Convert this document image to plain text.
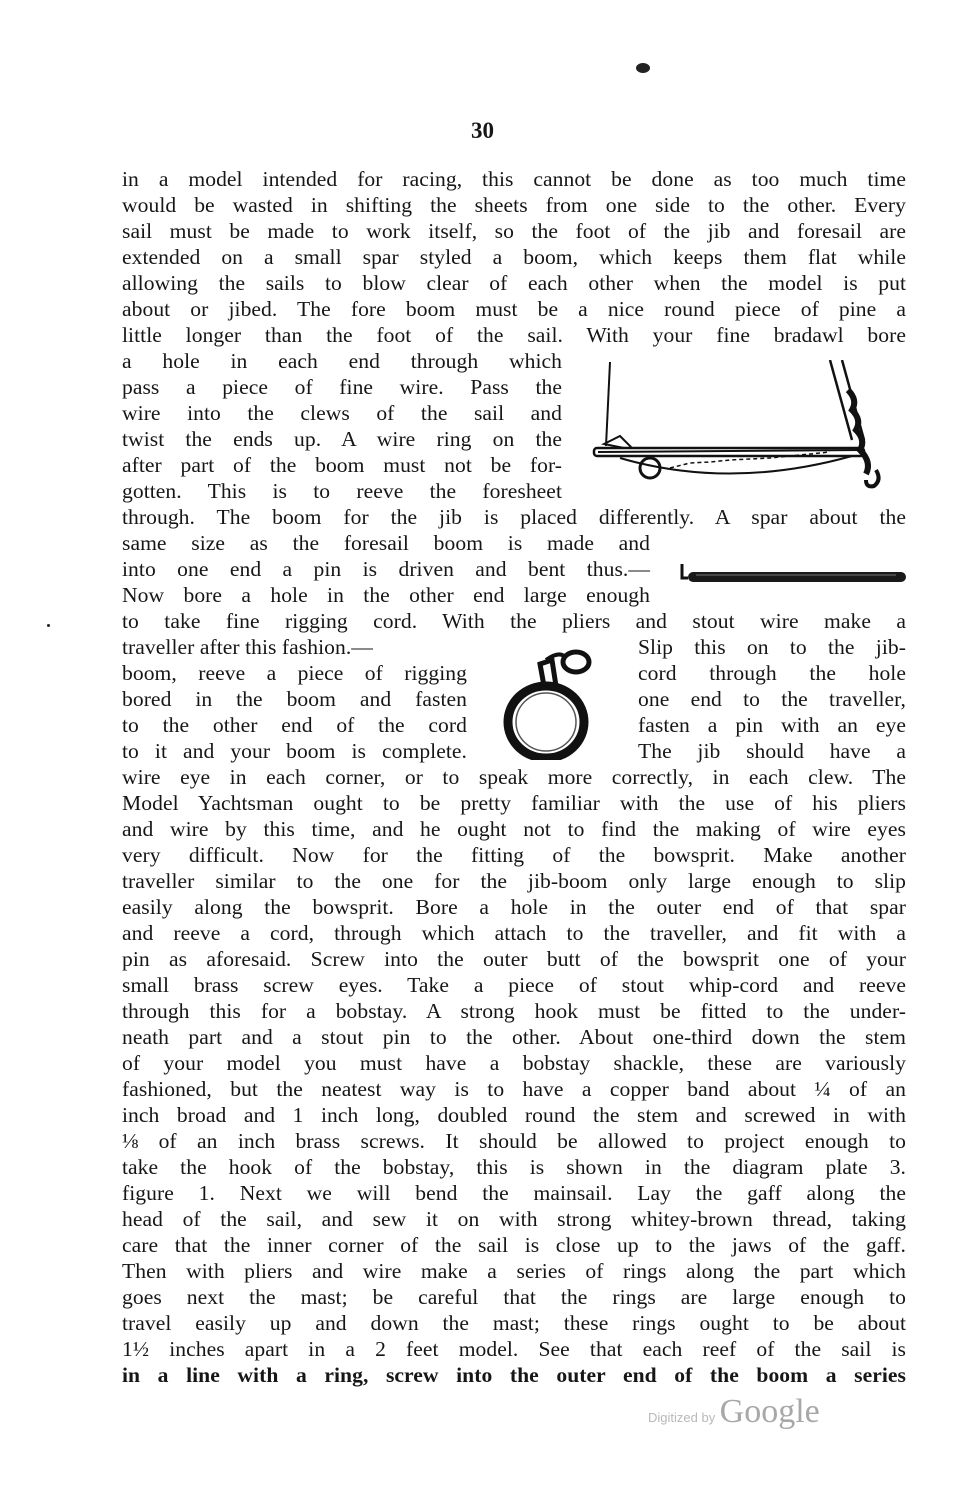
30
in a model intended for racing, this cannot be done as too much time
would be wasted in shifting the sheets from one side to the other. Every
sail must be made to work itself, so the foot of the jib and foresail are
extended on a small spar styled a boom, which keeps them flat while
allowing the sails to blow clear of each other when the model is put
about or jibed. The fore boom must be a nice round piece of pine a
little longer than the foot of the sail. With your fine bradawl bore
a hole in each end through which
pass a piece of fine wire. Pass the
wire into the clews of the sail and
twist the ends up. A wire ring on the
after part of the boom must not be for-
gotten. This is to reeve the foresheet
through. The boom for the jib is placed differently. A spar about the
same size as the foresail boom is made and
into one end a pin is driven and bent thus.—
Now bore a hole in the other end large enough
to take fine rigging cord. With the pliers and stout wire make a
traveller after this fashion.—
boom, reeve a piece of rigging
bored in the boom and fasten
to the other end of the cord
to it and your boom is complete.
Slip this on to the jib-
cord through the hole
one end to the traveller,
fasten a pin with an eye
The jib should have a
wire eye in each corner, or to speak more correctly, in each clew. The
Model Yachtsman ought to be pretty familiar with the use of his pliers
and wire by this time, and he ought not to find the making of wire eyes
very difficult. Now for the fitting of the bowsprit. Make another
traveller similar to the one for the jib-boom only large enough to slip
easily along the bowsprit. Bore a hole in the outer end of that spar
and reeve a cord, through which attach to the traveller, and fit with a
pin as aforesaid. Screw into the outer butt of the bowsprit one of your
small brass screw eyes. Take a piece of stout whip-cord and reeve
through this for a bobstay. A strong hook must be fitted to the under-
neath part and a stout pin to the other. About one-third down the stem
of your model you must have a bobstay shackle, these are variously
fashioned, but the neatest way is to have a copper band about ¼ of an
inch broad and 1 inch long, doubled round the stem and screwed in with
⅛ of an inch brass screws. It should be allowed to project enough to
take the hook of the bobstay, this is shown in the diagram plate 3.
figure 1. Next we will bend the mainsail. Lay the gaff along the
head of the sail, and sew it on with strong whitey-brown thread, taking
care that the inner corner of the sail is close up to the jaws of the gaff.
Then with pliers and wire make a series of rings along the part which
goes next the mast; be careful that the rings are large enough to
travel easily up and down the mast; these rings ought to be about
1½ inches apart in a 2 feet model. See that each reef of the sail is
in a line with a ring, screw into the outer end of the boom a series
Digitized by Google
